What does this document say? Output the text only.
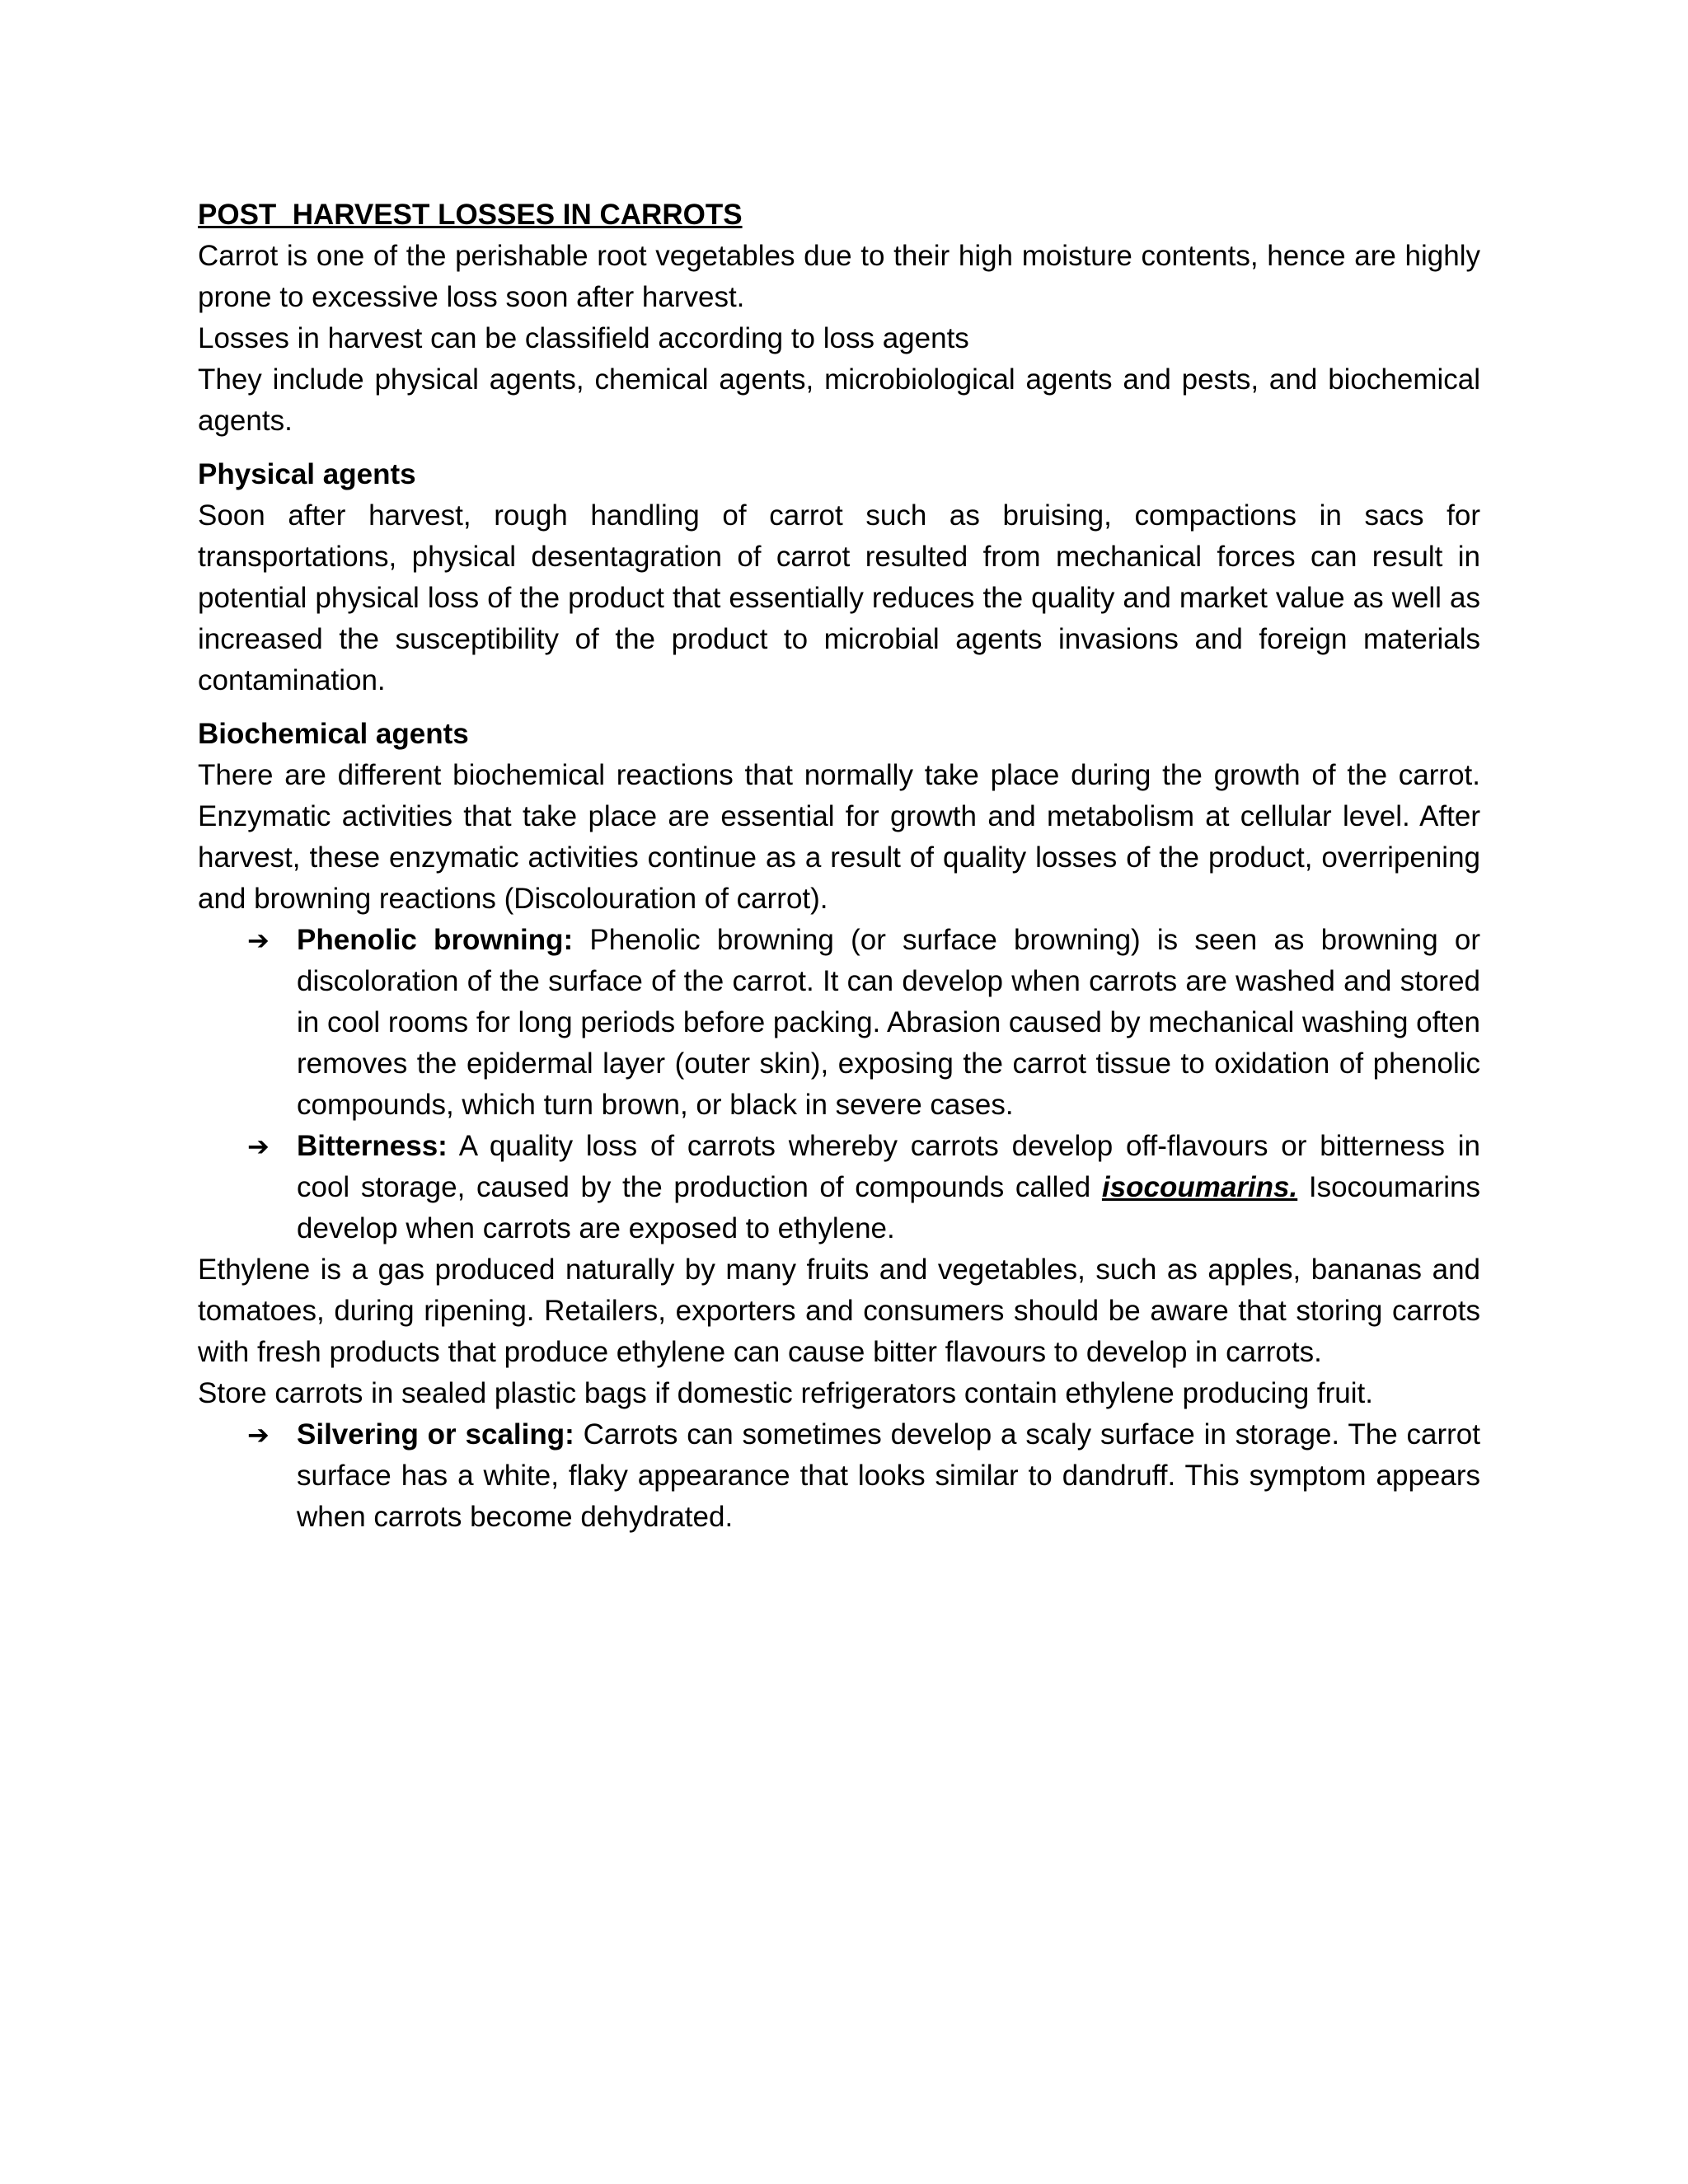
POST  HARVEST LOSSES IN CARROTS

Carrot is one of the perishable root vegetables due to their high moisture contents, hence are highly prone to excessive loss soon after harvest.

Losses in harvest can be classifield according to loss agents

They include physical agents, chemical agents, microbiological agents and pests, and biochemical agents.

Physical agents

Soon after harvest, rough handling of carrot such as bruising, compactions in sacs for transportations, physical desentagration of carrot resulted from mechanical forces can result in potential physical loss of the product that essentially reduces the quality and market value as well as increased the susceptibility of the product to microbial agents invasions and foreign materials contamination.

Biochemical agents

There are different biochemical reactions that normally take place during the growth of the carrot. Enzymatic activities that take place are essential for growth and metabolism at cellular level. After harvest, these enzymatic activities continue as a result of quality losses of the product, overripening and browning reactions (Discolouration of carrot).

➔ Phenolic browning: Phenolic browning (or surface browning) is seen as browning or discoloration of the surface of the carrot. It can develop when carrots are washed and stored in cool rooms for long periods before packing. Abrasion caused by mechanical washing often removes the epidermal layer (outer skin), exposing the carrot tissue to oxidation of phenolic compounds, which turn brown, or black in severe cases.
➔ Bitterness: A quality loss of carrots whereby carrots develop off-flavours or bitterness in cool storage, caused by the production of compounds called isocoumarins. Isocoumarins develop when carrots are exposed to ethylene.

Ethylene is a gas produced naturally by many fruits and vegetables, such as apples, bananas and tomatoes, during ripening. Retailers, exporters and consumers should be aware that storing carrots with fresh products that produce ethylene can cause bitter flavours to develop in carrots.

Store carrots in sealed plastic bags if domestic refrigerators contain ethylene producing fruit.

➔ Silvering or scaling: Carrots can sometimes develop a scaly surface in storage. The carrot surface has a white, flaky appearance that looks similar to dandruff. This symptom appears when carrots become dehydrated.
